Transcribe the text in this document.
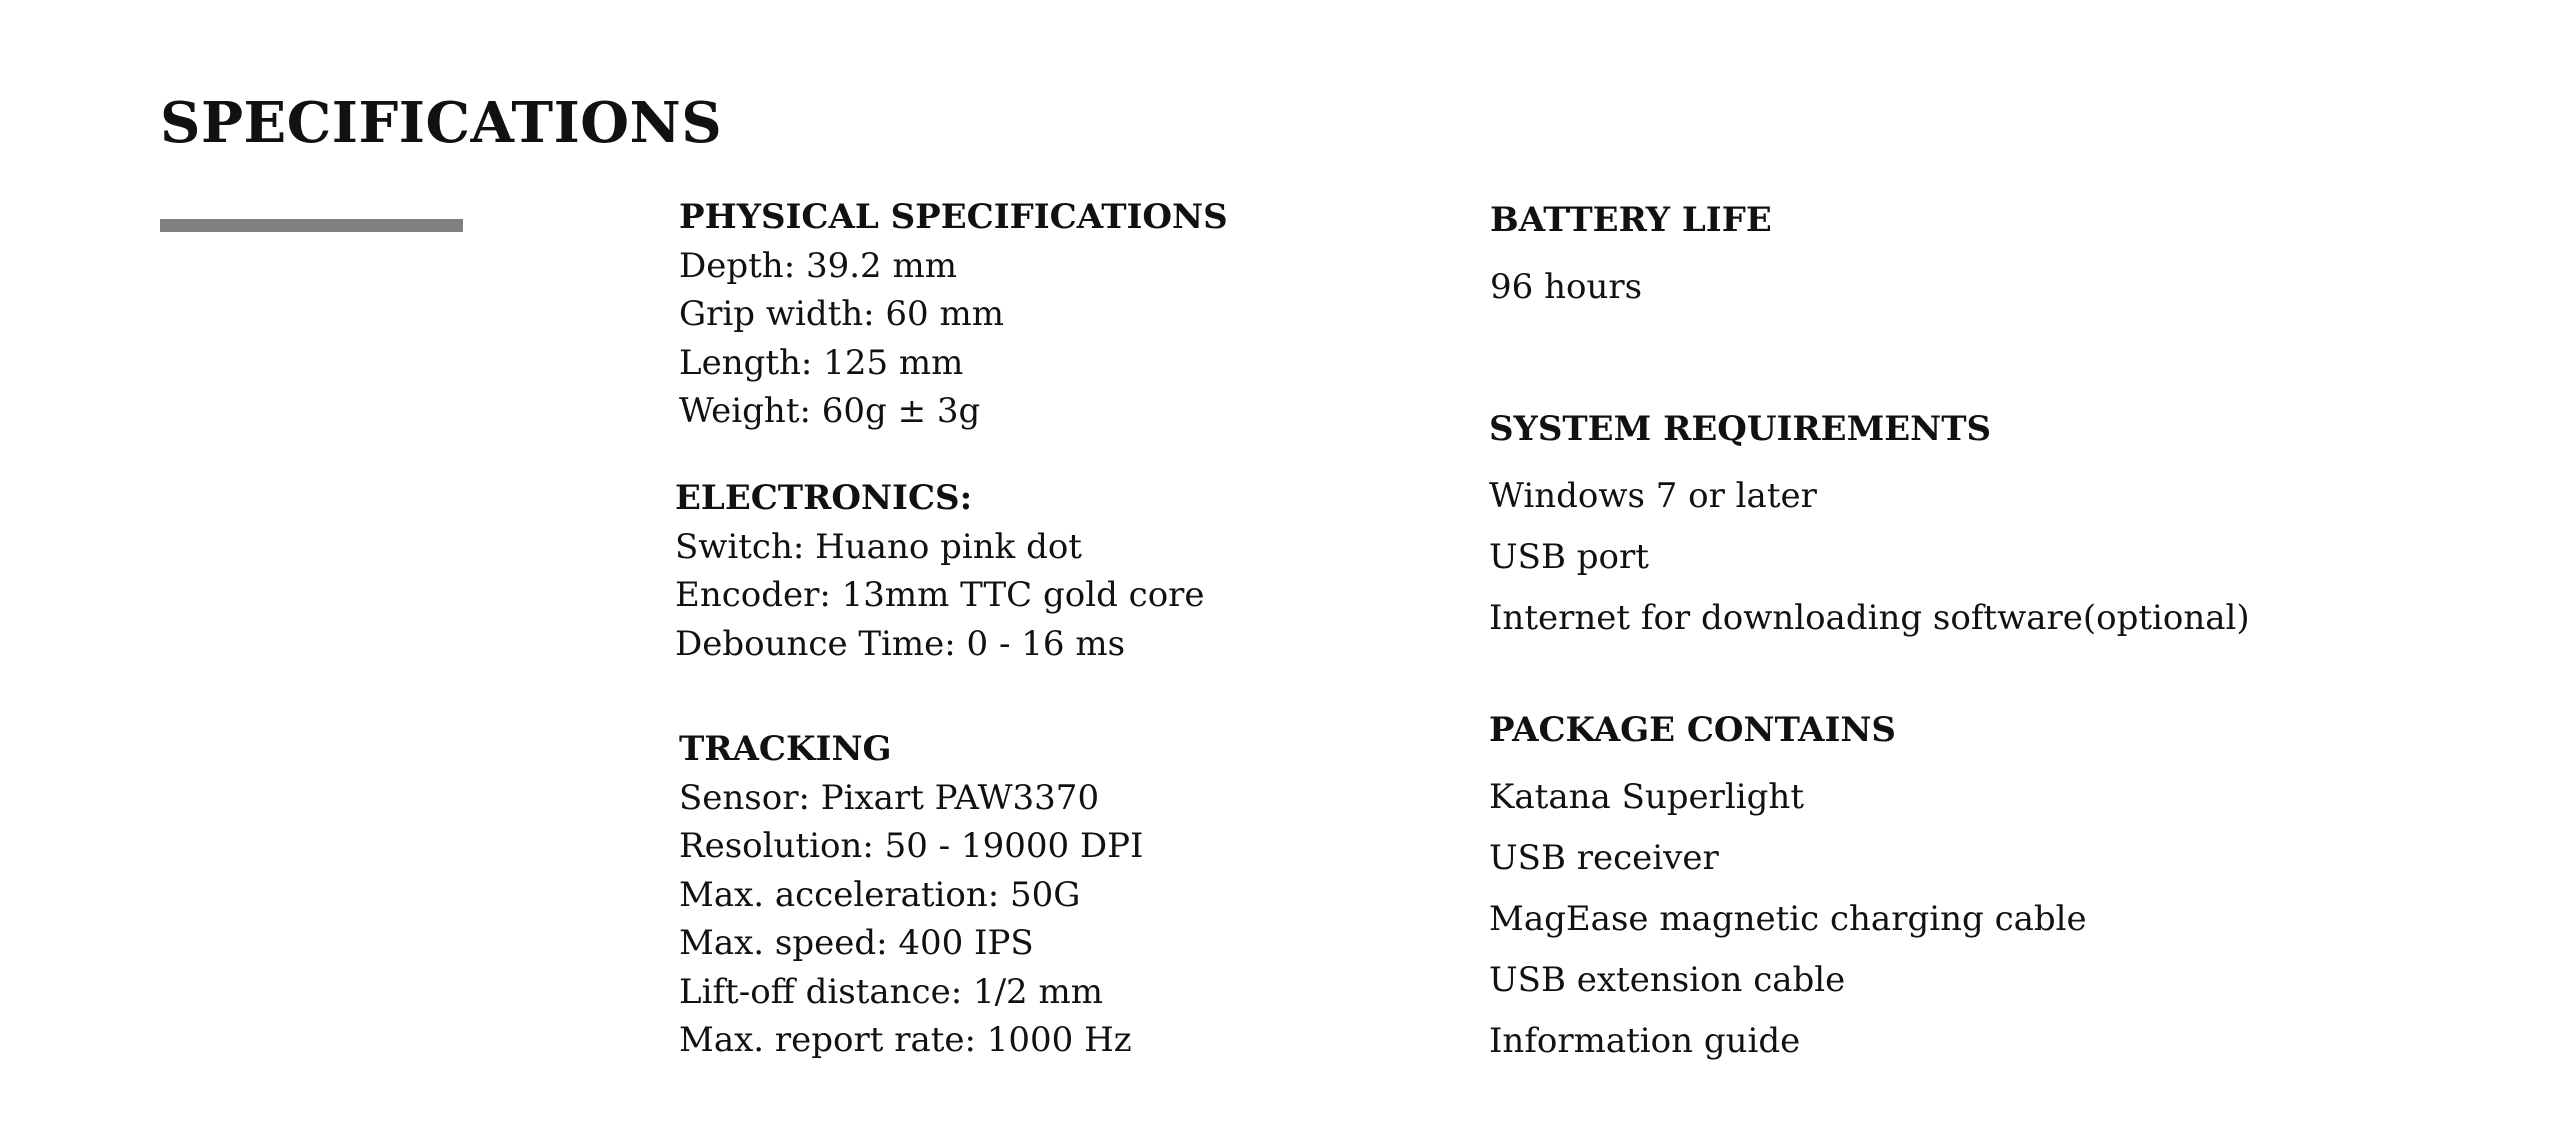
SPECIFICATIONS

PHYSICAL SPECIFICATIONS

Depth: 39.2 mm

Grip width: 60 mm

Length: 125 mm

Weight: 60g ± 3g

ELECTRONICS:

Switch: Huano pink dot

Encoder: 13mm TTC gold core

Debounce Time: 0 - 16 ms

TRACKING

Sensor: Pixart PAW3370

Resolution: 50 - 19000 DPI

Max. acceleration: 50G

Max. speed: 400 IPS

Lift-off distance: 1/2 mm

Max. report rate: 1000 Hz

BATTERY LIFE

96 hours

SYSTEM REQUIREMENTS

Windows 7 or later

USB port

Internet for downloading software(optional)

PACKAGE CONTAINS

Katana Superlight

USB receiver

MagEase magnetic charging cable

USB extension cable

Information guide
